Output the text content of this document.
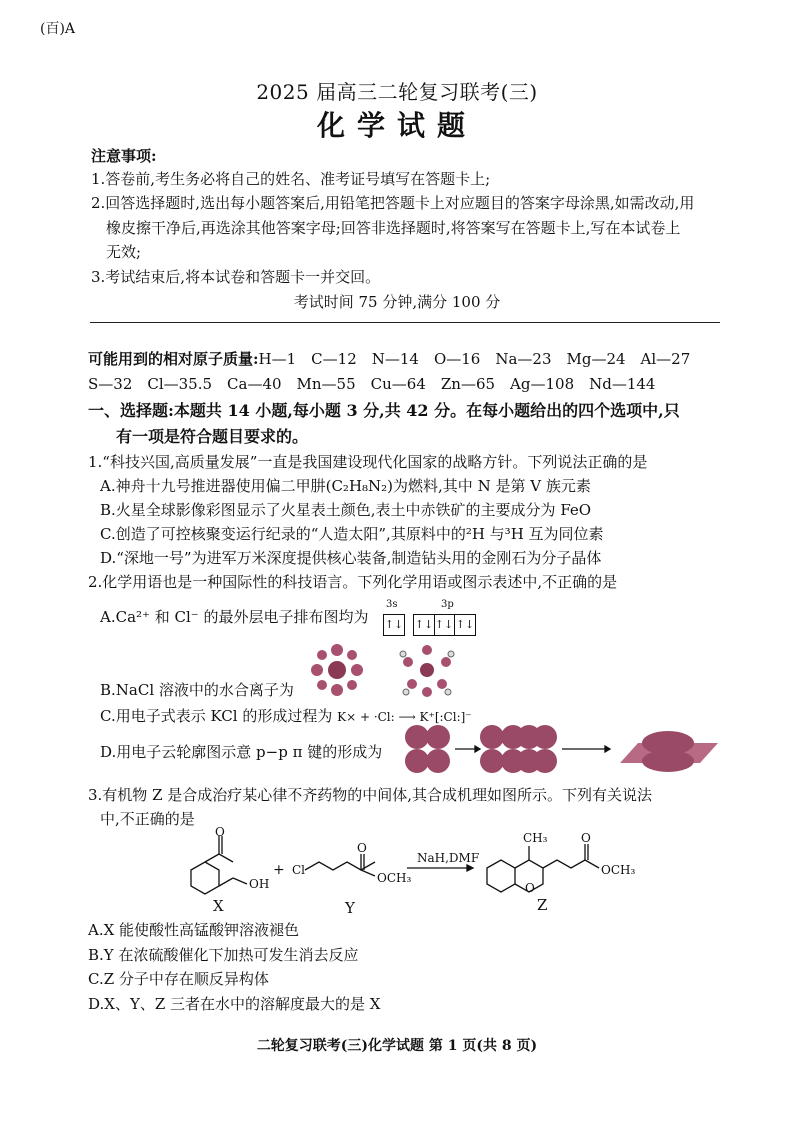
(百)A
2025 届高三二轮复习联考(三)
化学试题
注意事项:
1.答卷前,考生务必将自己的姓名、准考证号填写在答题卡上;
2.回答选择题时,选出每小题答案后,用铅笔把答题卡上对应题目的答案字母涂黑,如需改动,用
橡皮擦干净后,再选涂其他答案字母;回答非选择题时,将答案写在答题卡上,写在本试卷上
无效;
3.考试结束后,将本试卷和答题卡一并交回。
考试时间 75 分钟,满分 100 分
可能用到的相对原子质量:H—1　C—12　N—14　O—16　Na—23　Mg—24　Al—27
S—32　Cl—35.5　Ca—40　Mn—55　Cu—64　Zn—65　Ag—108　Nd—144
一、选择题:本题共 14 小题,每小题 3 分,共 42 分。在每小题给出的四个选项中,只
有一项是符合题目要求的。
1.“科技兴国,高质量发展”一直是我国建设现代化国家的战略方针。下列说法正确的是
A.神舟十九号推进器使用偏二甲肼(C₂H₈N₂)为燃料,其中 N 是第 V 族元素
B.火星全球影像彩图显示了火星表土颜色,表土中赤铁矿的主要成分为 FeO
C.创造了可控核聚变运行纪录的“人造太阳”,其原料中的²H 与³H 互为同位素
D.“深地一号”为进军万米深度提供核心装备,制造钻头用的金刚石为分子晶体
2.化学用语也是一种国际性的科技语言。下列化学用语或图示表述中,不正确的是
A.Ca²⁺ 和 Cl⁻ 的最外层电子排布图均为
3s	3p
↑↓ ↑↓ ↑↓ ↑↓
B.NaCl 溶液中的水合离子为
C.用电子式表示 KCl 的形成过程为 K⨯ + ·Cl: ⟶ K⁺[:Cl:]⁻
D.用电子云轮廓图示意 p−p π 键的形成为
3.有机物 Z 是合成治疗某心律不齐药物的中间体,其合成机理如图所示。下列有关说法
中,不正确的是
O
OH
+ Cl
O
OCH₃
NaH,DMF
CH₃
O
O
OCH₃
X	Y	Z
A.X 能使酸性高锰酸钾溶液褪色
B.Y 在浓硫酸催化下加热可发生消去反应
C.Z 分子中存在顺反异构体
D.X、Y、Z 三者在水中的溶解度最大的是 X
二轮复习联考(三)化学试题 第 1 页(共 8 页)
